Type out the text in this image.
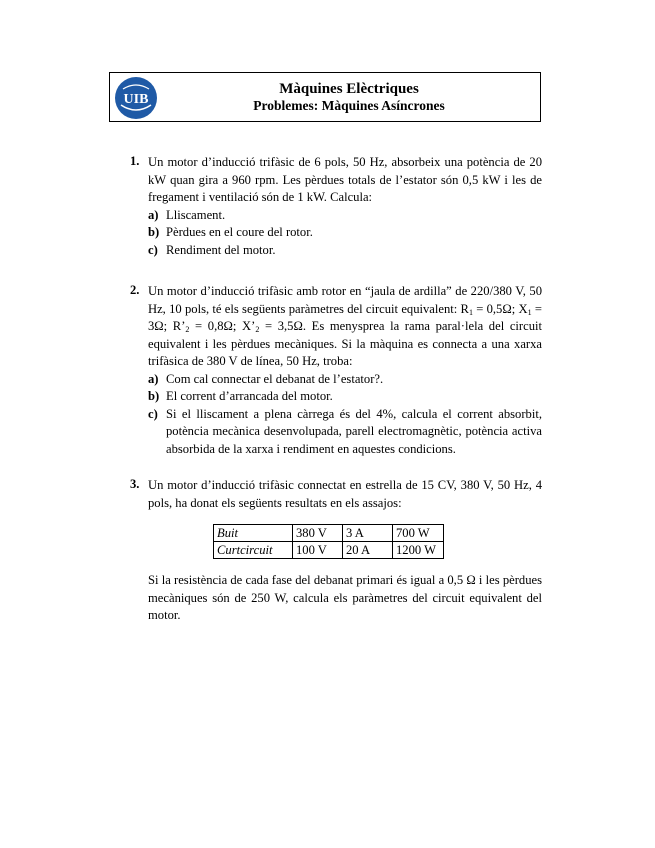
UIB
Màquines Elèctriques
Problemes: Màquines Asíncrones
1. Un motor d’inducció trifàsic de 6 pols, 50 Hz, absorbeix una potència de 20 kW quan gira a 960 rpm. Les pèrdues totals de l’estator són 0,5 kW i les de fregament i ventilació són de 1 kW. Calcula:
a) Lliscament.
b) Pèrdues en el coure del rotor.
c) Rendiment del motor.
2. Un motor d’inducció trifàsic amb rotor en “jaula de ardilla” de 220/380 V, 50 Hz, 10 pols, té els següents paràmetres del circuit equivalent: $R_1 = 0,5\Omega$; $X_1 = 3\Omega$; $R’_2 = 0,8\Omega$; $X’_2 = 3,5\Omega$. Es menysprea la rama paral·lela del circuit equivalent i les pèrdues mecàniques. Si la màquina es connecta a una xarxa trifàsica de 380 V de línea, 50 Hz, troba:
a) Com cal connectar el debanat de l’estator?.
b) El corrent d’arrancada del motor.
c) Si el lliscament a plena càrrega és del 4%, calcula el corrent absorbit, potència mecànica desenvolupada, parell electromagnètic, potència activa absorbida de la xarxa i rendiment en aquestes condicions.
3. Un motor d’inducció trifàsic connectat en estrella de 15 CV, 380 V, 50 Hz, 4 pols, ha donat els següents resultats en els assajos:
Buit	380 V	3 A	700 W
Curtcircuit	100 V	20 A	1200 W
Si la resistència de cada fase del debanat primari és igual a 0,5 Ω i les pèrdues mecàniques són de 250 W, calcula els paràmetres del circuit equivalent del motor.
